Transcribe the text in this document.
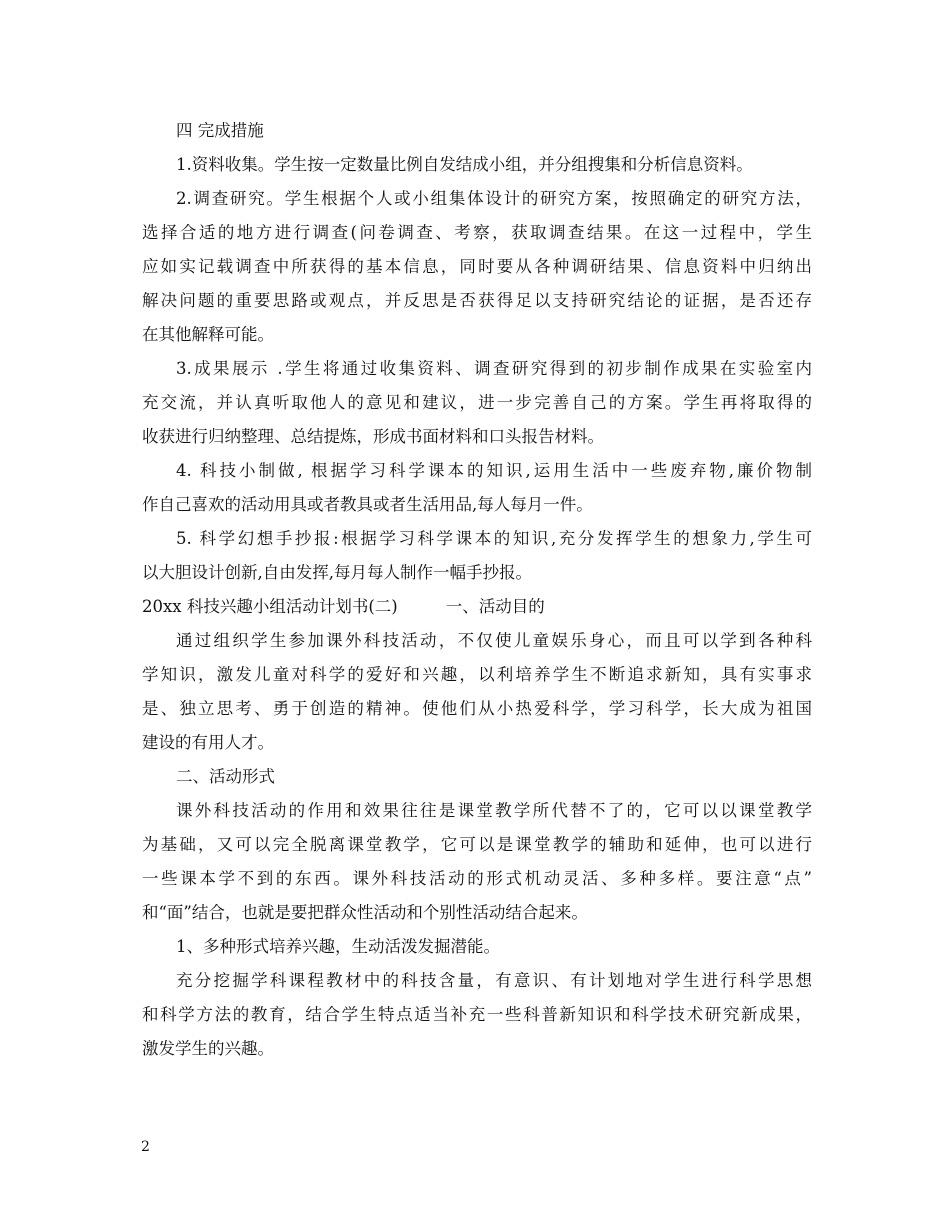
四 完成措施

1.资料收集。学生按一定数量比例自发结成小组，并分组搜集和分析信息资料。

2.调查研究。学生根据个人或小组集体设计的研究方案，按照确定的研究方法，

选择合适的地方进行调查(问卷调查、考察，获取调查结果。在这一过程中，学生

应如实记载调查中所获得的基本信息，同时要从各种调研结果、信息资料中归纳出

解决问题的重要思路或观点，并反思是否获得足以支持研究结论的证据，是否还存

在其他解释可能。

3.成果展示 .学生将通过收集资料、调查研究得到的初步制作成果在实验室内

充交流，并认真听取他人的意见和建议，进一步完善自己的方案。学生再将取得的

收获进行归纳整理、总结提炼，形成书面材料和口头报告材料。

4. 科技小制做, 根据学习科学课本的知识,运用生活中一些废弃物,廉价物制

作自己喜欢的活动用具或者教具或者生活用品,每人每月一件。

5. 科学幻想手抄报:根据学习科学课本的知识,充分发挥学生的想象力,学生可

以大胆设计创新,自由发挥,每月每人制作一幅手抄报。

20xx 科技兴趣小组活动计划书(二)	一、活动目的

通过组织学生参加课外科技活动，不仅使儿童娱乐身心，而且可以学到各种科

学知识，激发儿童对科学的爱好和兴趣，以利培养学生不断追求新知，具有实事求

是、独立思考、勇于创造的精神。使他们从小热爱科学，学习科学，长大成为祖国

建设的有用人才。

二、活动形式

课外科技活动的作用和效果往往是课堂教学所代替不了的，它可以以课堂教学

为基础，又可以完全脱离课堂教学，它可以是课堂教学的辅助和延伸，也可以进行

一些课本学不到的东西。课外科技活动的形式机动灵活、多种多样。要注意“点”

和“面”结合，也就是要把群众性活动和个别性活动结合起来。

1、多种形式培养兴趣，生动活泼发掘潜能。

充分挖掘学科课程教材中的科技含量，有意识、有计划地对学生进行科学思想

和科学方法的教育，结合学生特点适当补充一些科普新知识和科学技术研究新成果，

激发学生的兴趣。

2
